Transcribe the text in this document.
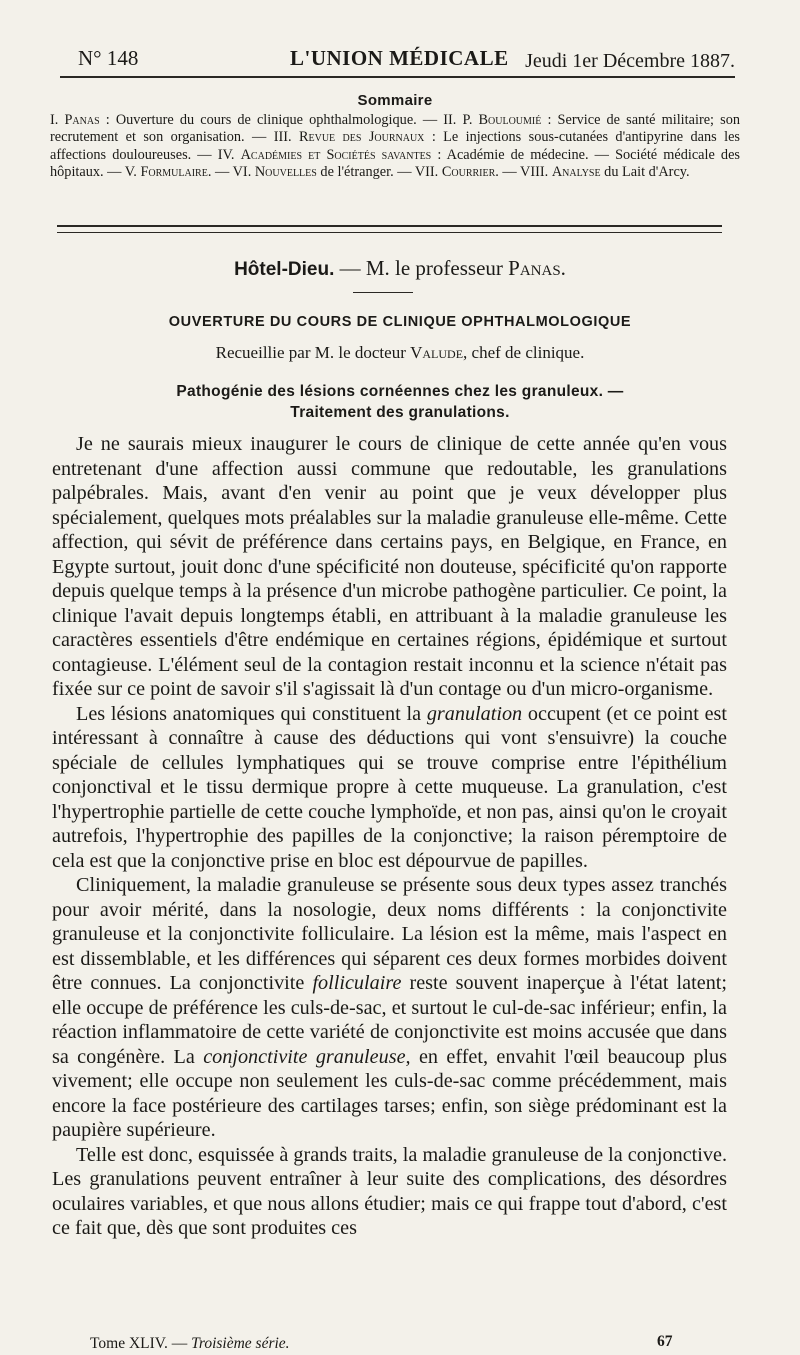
N° 148	L'UNION MÉDICALE Jeudi 1er Décembre 1887.
Sommaire

I. Panas : Ouverture du cours de clinique ophthalmologique. — II. P. Bouloumié : Service de santé militaire; son recrutement et son organisation. — III. Revue des Journaux : Le injections sous-cutanées d'antipyrine dans les affections douloureuses. — IV. Académies et Sociétés savantes : Académie de médecine. — Société médicale des hôpitaux. — V. Formulaire. — VI. Nouvelles de l'étranger. — VII. Courrier. — VIII. Analyse du Lait d'Arcy.

Hôtel-Dieu. — M. le professeur Panas.
OUVERTURE DU COURS DE CLINIQUE OPHTHALMOLOGIQUE
Recueillie par M. le docteur Valude, chef de clinique.
Pathogénie des lésions cornéennes chez les granuleux. —
Traitement des granulations.

Je ne saurais mieux inaugurer le cours de clinique de cette année qu'en vous entretenant d'une affection aussi commune que redoutable, les granulations palpébrales. Mais, avant d'en venir au point que je veux développer plus spécialement, quelques mots préalables sur la maladie granuleuse elle-même. Cette affection, qui sévit de préférence dans certains pays, en Belgique, en France, en Egypte surtout, jouit donc d'une spécificité non douteuse, spécificité qu'on rapporte depuis quelque temps à la présence d'un microbe pathogène particulier. Ce point, la clinique l'avait depuis longtemps établi, en attribuant à la maladie granuleuse les caractères essentiels d'être endémique en certaines régions, épidémique et surtout contagieuse. L'élément seul de la contagion restait inconnu et la science n'était pas fixée sur ce point de savoir s'il s'agissait là d'un contage ou d'un micro-organisme.

Les lésions anatomiques qui constituent la granulation occupent (et ce point est intéressant à connaître à cause des déductions qui vont s'ensuivre) la couche spéciale de cellules lymphatiques qui se trouve comprise entre l'épithélium conjonctival et le tissu dermique propre à cette muqueuse. La granulation, c'est l'hypertrophie partielle de cette couche lymphoïde, et non pas, ainsi qu'on le croyait autrefois, l'hypertrophie des papilles de la conjonctive; la raison péremptoire de cela est que la conjonctive prise en bloc est dépourvue de papilles.

Cliniquement, la maladie granuleuse se présente sous deux types assez tranchés pour avoir mérité, dans la nosologie, deux noms différents : la conjonctivite granuleuse et la conjonctivite folliculaire. La lésion est la même, mais l'aspect en est dissemblable, et les différences qui séparent ces deux formes morbides doivent être connues. La conjonctivite folliculaire reste souvent inaperçue à l'état latent; elle occupe de préférence les culs-de-sac, et surtout le cul-de-sac inférieur; enfin, la réaction inflammatoire de cette variété de conjonctivite est moins accusée que dans sa congénère. La conjonctivite granuleuse, en effet, envahit l'œil beaucoup plus vivement; elle occupe non seulement les culs-de-sac comme précédemment, mais encore la face postérieure des cartilages tarses; enfin, son siège prédominant est la paupière supérieure.

Telle est donc, esquissée à grands traits, la maladie granuleuse de la conjonctive. Les granulations peuvent entraîner à leur suite des complications, des désordres oculaires variables, et que nous allons étudier; mais ce qui frappe tout d'abord, c'est ce fait que, dès que sont produites ces

Tome XLIV. — Troisième série.	67
